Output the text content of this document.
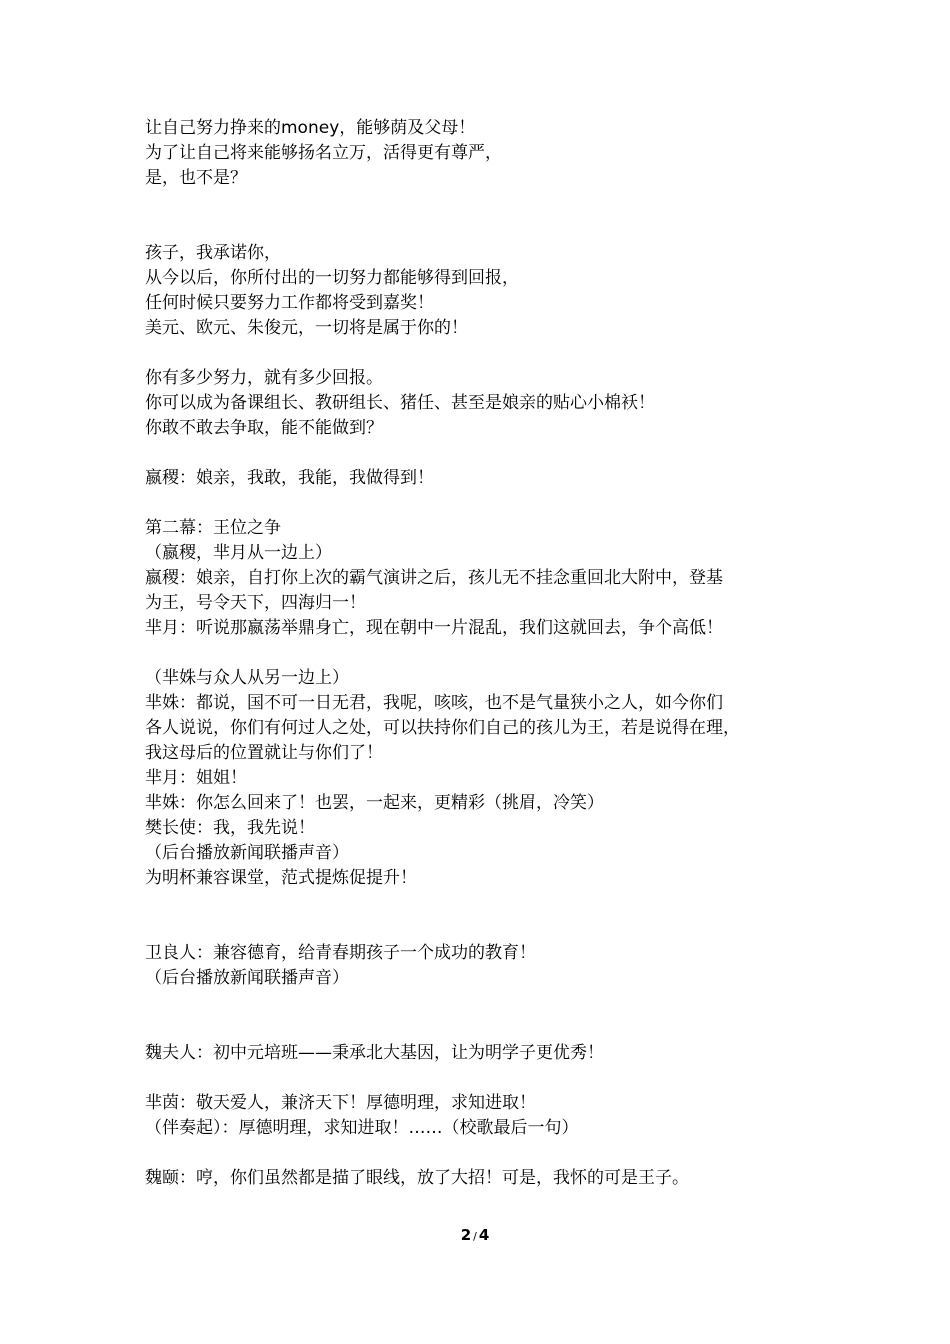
让自己努力挣来的money，能够荫及父母！
为了让自己将来能够扬名立万，活得更有尊严，
是，也不是？
孩子，我承诺你，
从今以后，你所付出的一切努力都能够得到回报，
任何时候只要努力工作都将受到嘉奖！
美元、欧元、朱俊元，一切将是属于你的！
你有多少努力，就有多少回报。
你可以成为备课组长、教研组长、猪任、甚至是娘亲的贴心小棉袄！
你敢不敢去争取，能不能做到？
嬴稷：娘亲，我敢，我能，我做得到！
第二幕：王位之争
（嬴稷，芈月从一边上）
嬴稷：娘亲，自打你上次的霸气演讲之后，孩儿无不挂念重回北大附中，登基
为王，号令天下，四海归一！
芈月：听说那嬴荡举鼎身亡，现在朝中一片混乱，我们这就回去，争个高低！
（芈姝与众人从另一边上）
芈姝：都说，国不可一日无君，我呢，咳咳，也不是气量狭小之人，如今你们
各人说说，你们有何过人之处，可以扶持你们自己的孩儿为王，若是说得在理，
我这母后的位置就让与你们了！
芈月：姐姐！
芈姝：你怎么回来了！也罢，一起来，更精彩（挑眉，冷笑）
樊长使：我，我先说！
（后台播放新闻联播声音）
为明杯兼容课堂，范式提炼促提升！
卫良人：兼容德育，给青春期孩子一个成功的教育！
（后台播放新闻联播声音）
魏夫人：初中元培班——秉承北大基因，让为明学子更优秀！
芈茵：敬天爱人，兼济天下！厚德明理，求知进取！
（伴奏起）：厚德明理，求知进取！……（校歌最后一句）
魏颐：哼，你们虽然都是描了眼线，放了大招！可是，我怀的可是王子。
2 / 4
